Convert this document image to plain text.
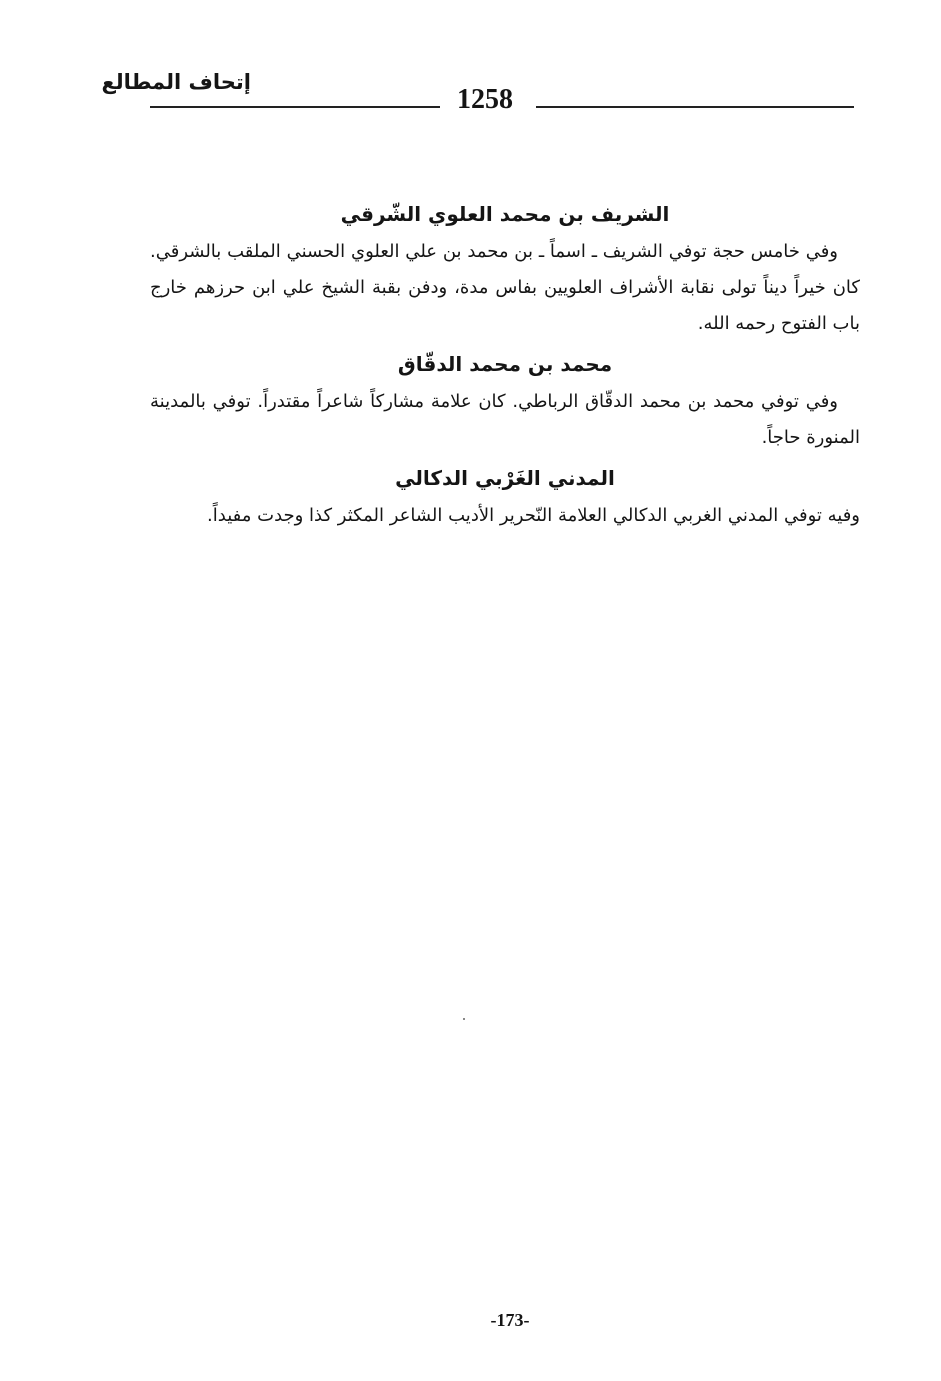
إتحاف المطالع
1258
الشريف بن محمد العلوي الشّرقي

وفي خامس حجة توفي الشريف ـ اسماً ـ بن محمد بن علي العلوي الحسني الملقب بالشرقي. كان خيراً ديناً تولى نقابة الأشراف العلويين بفاس مدة، ودفن بقبة الشيخ علي ابن حرزهم خارج باب الفتوح رحمه الله.

محمد بن محمد الدقّاق

وفي توفي محمد بن محمد الدقّاق الرباطي. كان علامة مشاركاً شاعراً مقتدراً. توفي بالمدينة المنورة حاجاً.

المدني الغَرْبي الدكالي

وفيه توفي المدني الغربي الدكالي العلامة النّحرير الأديب الشاعر المكثر كذا وجدت مفيداً.

-173-
